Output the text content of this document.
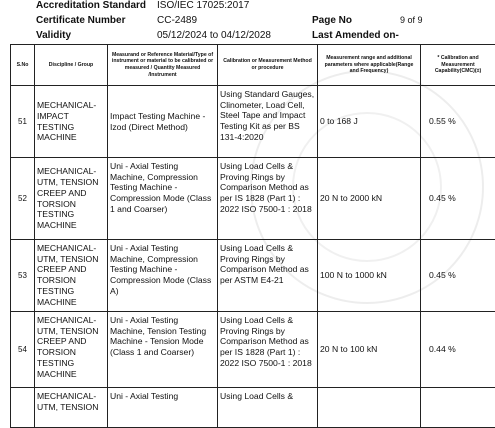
Accreditation Standard ISO/IEC 17025:2017
Certificate Number	CC-2489	Page No	9 of 9
Validity	05/12/2024 to 04/12/2028	Last Amended on-
S.No	Discipline / Group	Measurand or Reference Material/Type of instrument or material to be calibrated or measured / Quantity Measured /Instrument	Calibration or Measurement Method or procedure	Measurement range and additional parameters where applicable(Range and Frequency)	* Calibration and Measurement Capability(CMC)(±)
51	MECHANICAL- IMPACT TESTING MACHINE	Impact Testing Machine - Izod (Direct Method)	Using Standard Gauges, Clinometer, Load Cell, Steel Tape and Impact Testing Kit as per BS 131-4:2020	0 to 168 J	0.55 %
52	MECHANICAL- UTM, TENSION CREEP AND TORSION TESTING MACHINE	Uni - Axial Testing Machine, Compression Testing Machine - Compression Mode (Class 1 and Coarser)	Using Load Cells & Proving Rings by Comparison Method as per IS 1828 (Part 1) : 2022 ISO 7500-1 : 2018	20 N to 2000 kN	0.45 %
53	MECHANICAL- UTM, TENSION CREEP AND TORSION TESTING MACHINE	Uni - Axial Testing Machine, Compression Testing Machine - Compression Mode (Class A)	Using Load Cells & Proving Rings by Comparison Method as per ASTM E4-21	100 N to 1000 kN	0.45 %
54	MECHANICAL- UTM, TENSION CREEP AND TORSION TESTING MACHINE	Uni - Axial Testing Machine, Tension Testing Machine - Tension Mode (Class 1 and Coarser)	Using Load Cells & Proving Rings by Comparison Method as per IS 1828 (Part 1) : 2022 ISO 7500-1 : 2018	20 N to 100 kN	0.44 %
	MECHANICAL- UTM, TENSION	Uni - Axial Testing	Using Load Cells &		
